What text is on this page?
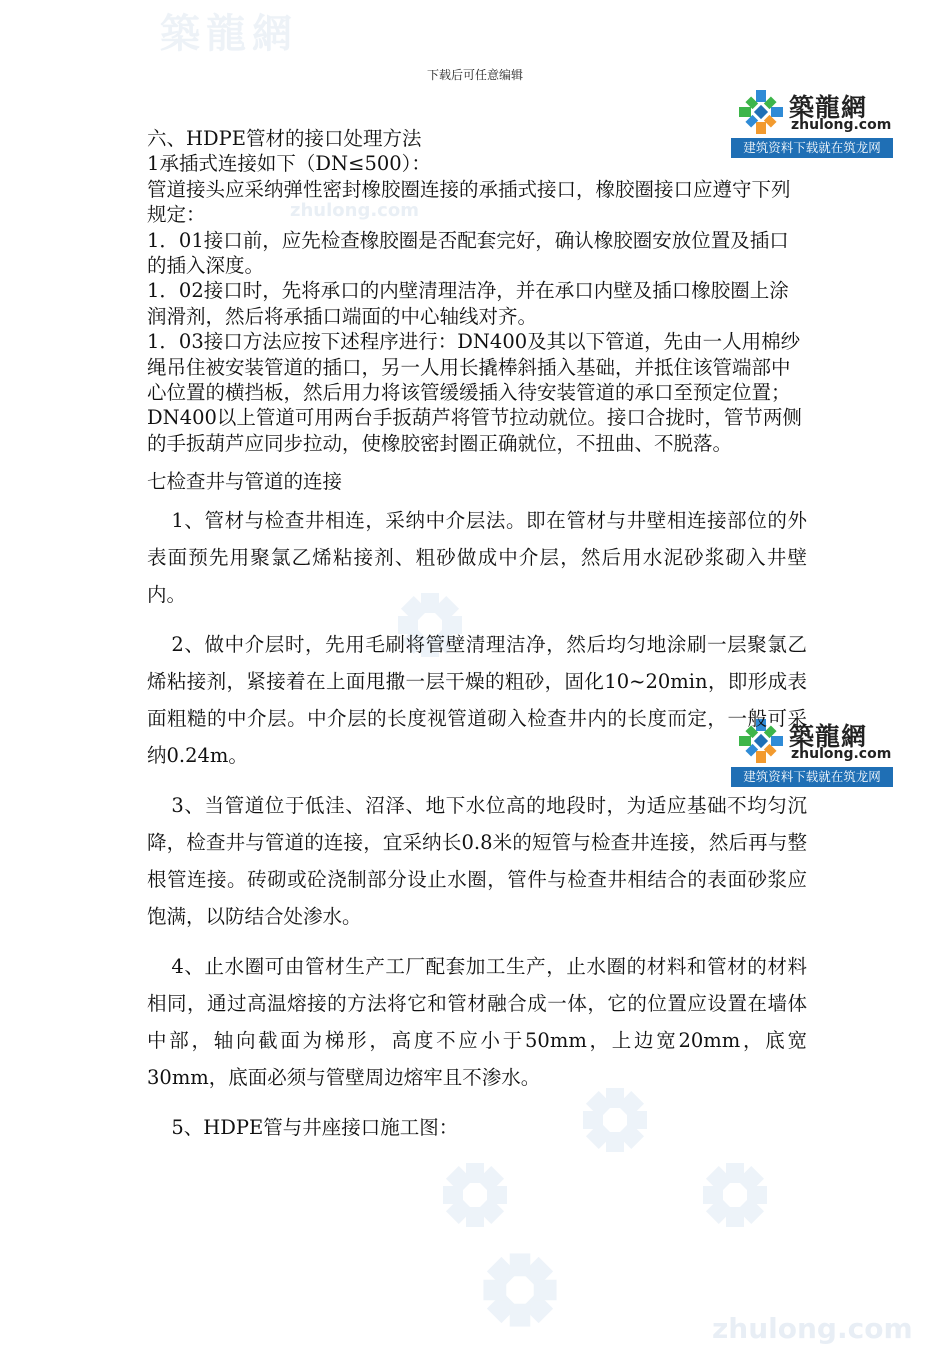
築龍網
zhulong.com
zhulong.com
下载后可任意编辑
築龍網
zhulong.com
建筑资料下载就在筑龙网
築龍網
zhulong.com
建筑资料下载就在筑龙网

六、HDPE管材的接口处理方法

1承插式连接如下（DN≤500）：

管道接头应采纳弹性密封橡胶圈连接的承插式接口，橡胶圈接口应遵守下列规定：

1．01接口前，应先检查橡胶圈是否配套完好，确认橡胶圈安放位置及插口的插入深度。

1．02接口时，先将承口的内壁清理洁净，并在承口内壁及插口橡胶圈上涂润滑剂，然后将承插口端面的中心轴线对齐。

1．03接口方法应按下述程序进行：DN400及其以下管道，先由一人用棉纱绳吊住被安装管道的插口，另一人用长撬棒斜插入基础，并抵住该管端部中心位置的横挡板，然后用力将该管缓缓插入待安装管道的承口至预定位置；DN400以上管道可用两台手扳葫芦将管节拉动就位。接口合拢时，管节两侧的手扳葫芦应同步拉动，使橡胶密封圈正确就位，不扭曲、不脱落。

七检查井与管道的连接

1、管材与检查井相连，采纳中介层法。即在管材与井壁相连接部位的外表面预先用聚氯乙烯粘接剂、粗砂做成中介层，然后用水泥砂浆砌入井壁内。

2、做中介层时，先用毛刷将管壁清理洁净，然后均匀地涂刷一层聚氯乙烯粘接剂，紧接着在上面甩撒一层干燥的粗砂，固化10~20min，即形成表面粗糙的中介层。中介层的长度视管道砌入检查井内的长度而定，一般可采纳0.24m。

3、当管道位于低洼、沼泽、地下水位高的地段时，为适应基础不均匀沉降，检查井与管道的连接，宜采纳长0.8米的短管与检查井连接，然后再与整根管连接。砖砌或砼浇制部分设止水圈，管件与检查井相结合的表面砂浆应饱满，以防结合处渗水。

4、止水圈可由管材生产工厂配套加工生产，止水圈的材料和管材的材料相同，通过高温熔接的方法将它和管材融合成一体，它的位置应设置在墙体中部，轴向截面为梯形，高度不应小于50mm，上边宽20mm，底宽30mm，底面必须与管壁周边熔牢且不渗水。

5、HDPE管与井座接口施工图：
